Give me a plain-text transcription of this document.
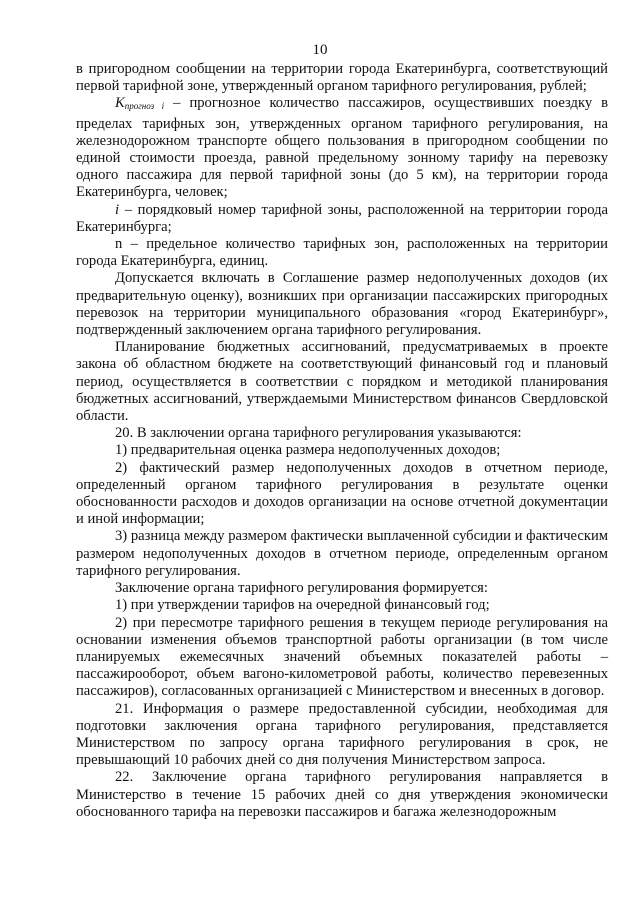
10

в пригородном сообщении на территории города Екатеринбурга, соответствующий первой тарифной зоне, утвержденный органом тарифного регулирования, рублей;

$K_{прогноз i}$ – прогнозное количество пассажиров, осуществивших поездку в пределах тарифных зон, утвержденных органом тарифного регулирования, на железнодорожном транспорте общего пользования в пригородном сообщении по единой стоимости проезда, равной предельному зонному тарифу на перевозку одного пассажира для первой тарифной зоны (до 5 км), на территории города Екатеринбурга, человек;

i – порядковый номер тарифной зоны, расположенной на территории города Екатеринбурга;

n – предельное количество тарифных зон, расположенных на территории города Екатеринбурга, единиц.

Допускается включать в Соглашение размер недополученных доходов (их предварительную оценку), возникших при организации пассажирских пригородных перевозок на территории муниципального образования «город Екатеринбург», подтвержденный заключением органа тарифного регулирования.

Планирование бюджетных ассигнований, предусматриваемых в проекте закона об областном бюджете на соответствующий финансовый год и плановый период, осуществляется в соответствии с порядком и методикой планирования бюджетных ассигнований, утверждаемыми Министерством финансов Свердловской области.

20. В заключении органа тарифного регулирования указываются:

1) предварительная оценка размера недополученных доходов;

2) фактический размер недополученных доходов в отчетном периоде, определенный органом тарифного регулирования в результате оценки обоснованности расходов и доходов организации на основе отчетной документации и иной информации;

3) разница между размером фактически выплаченной субсидии и фактическим размером недополученных доходов в отчетном периоде, определенным органом тарифного регулирования.

Заключение органа тарифного регулирования формируется:

1) при утверждении тарифов на очередной финансовый год;

2) при пересмотре тарифного решения в текущем периоде регулирования на основании изменения объемов транспортной работы организации (в том числе планируемых ежемесячных значений объемных показателей работы – пассажирооборот, объем вагоно-километровой работы, количество перевезенных пассажиров), согласованных организацией с Министерством и внесенных в договор.

21. Информация о размере предоставленной субсидии, необходимая для подготовки заключения органа тарифного регулирования, представляется Министерством по запросу органа тарифного регулирования в срок, не превышающий 10 рабочих дней со дня получения Министерством запроса.

22. Заключение органа тарифного регулирования направляется в Министерство в течение 15 рабочих дней со дня утверждения экономически обоснованного тарифа на перевозки пассажиров и багажа железнодорожным
